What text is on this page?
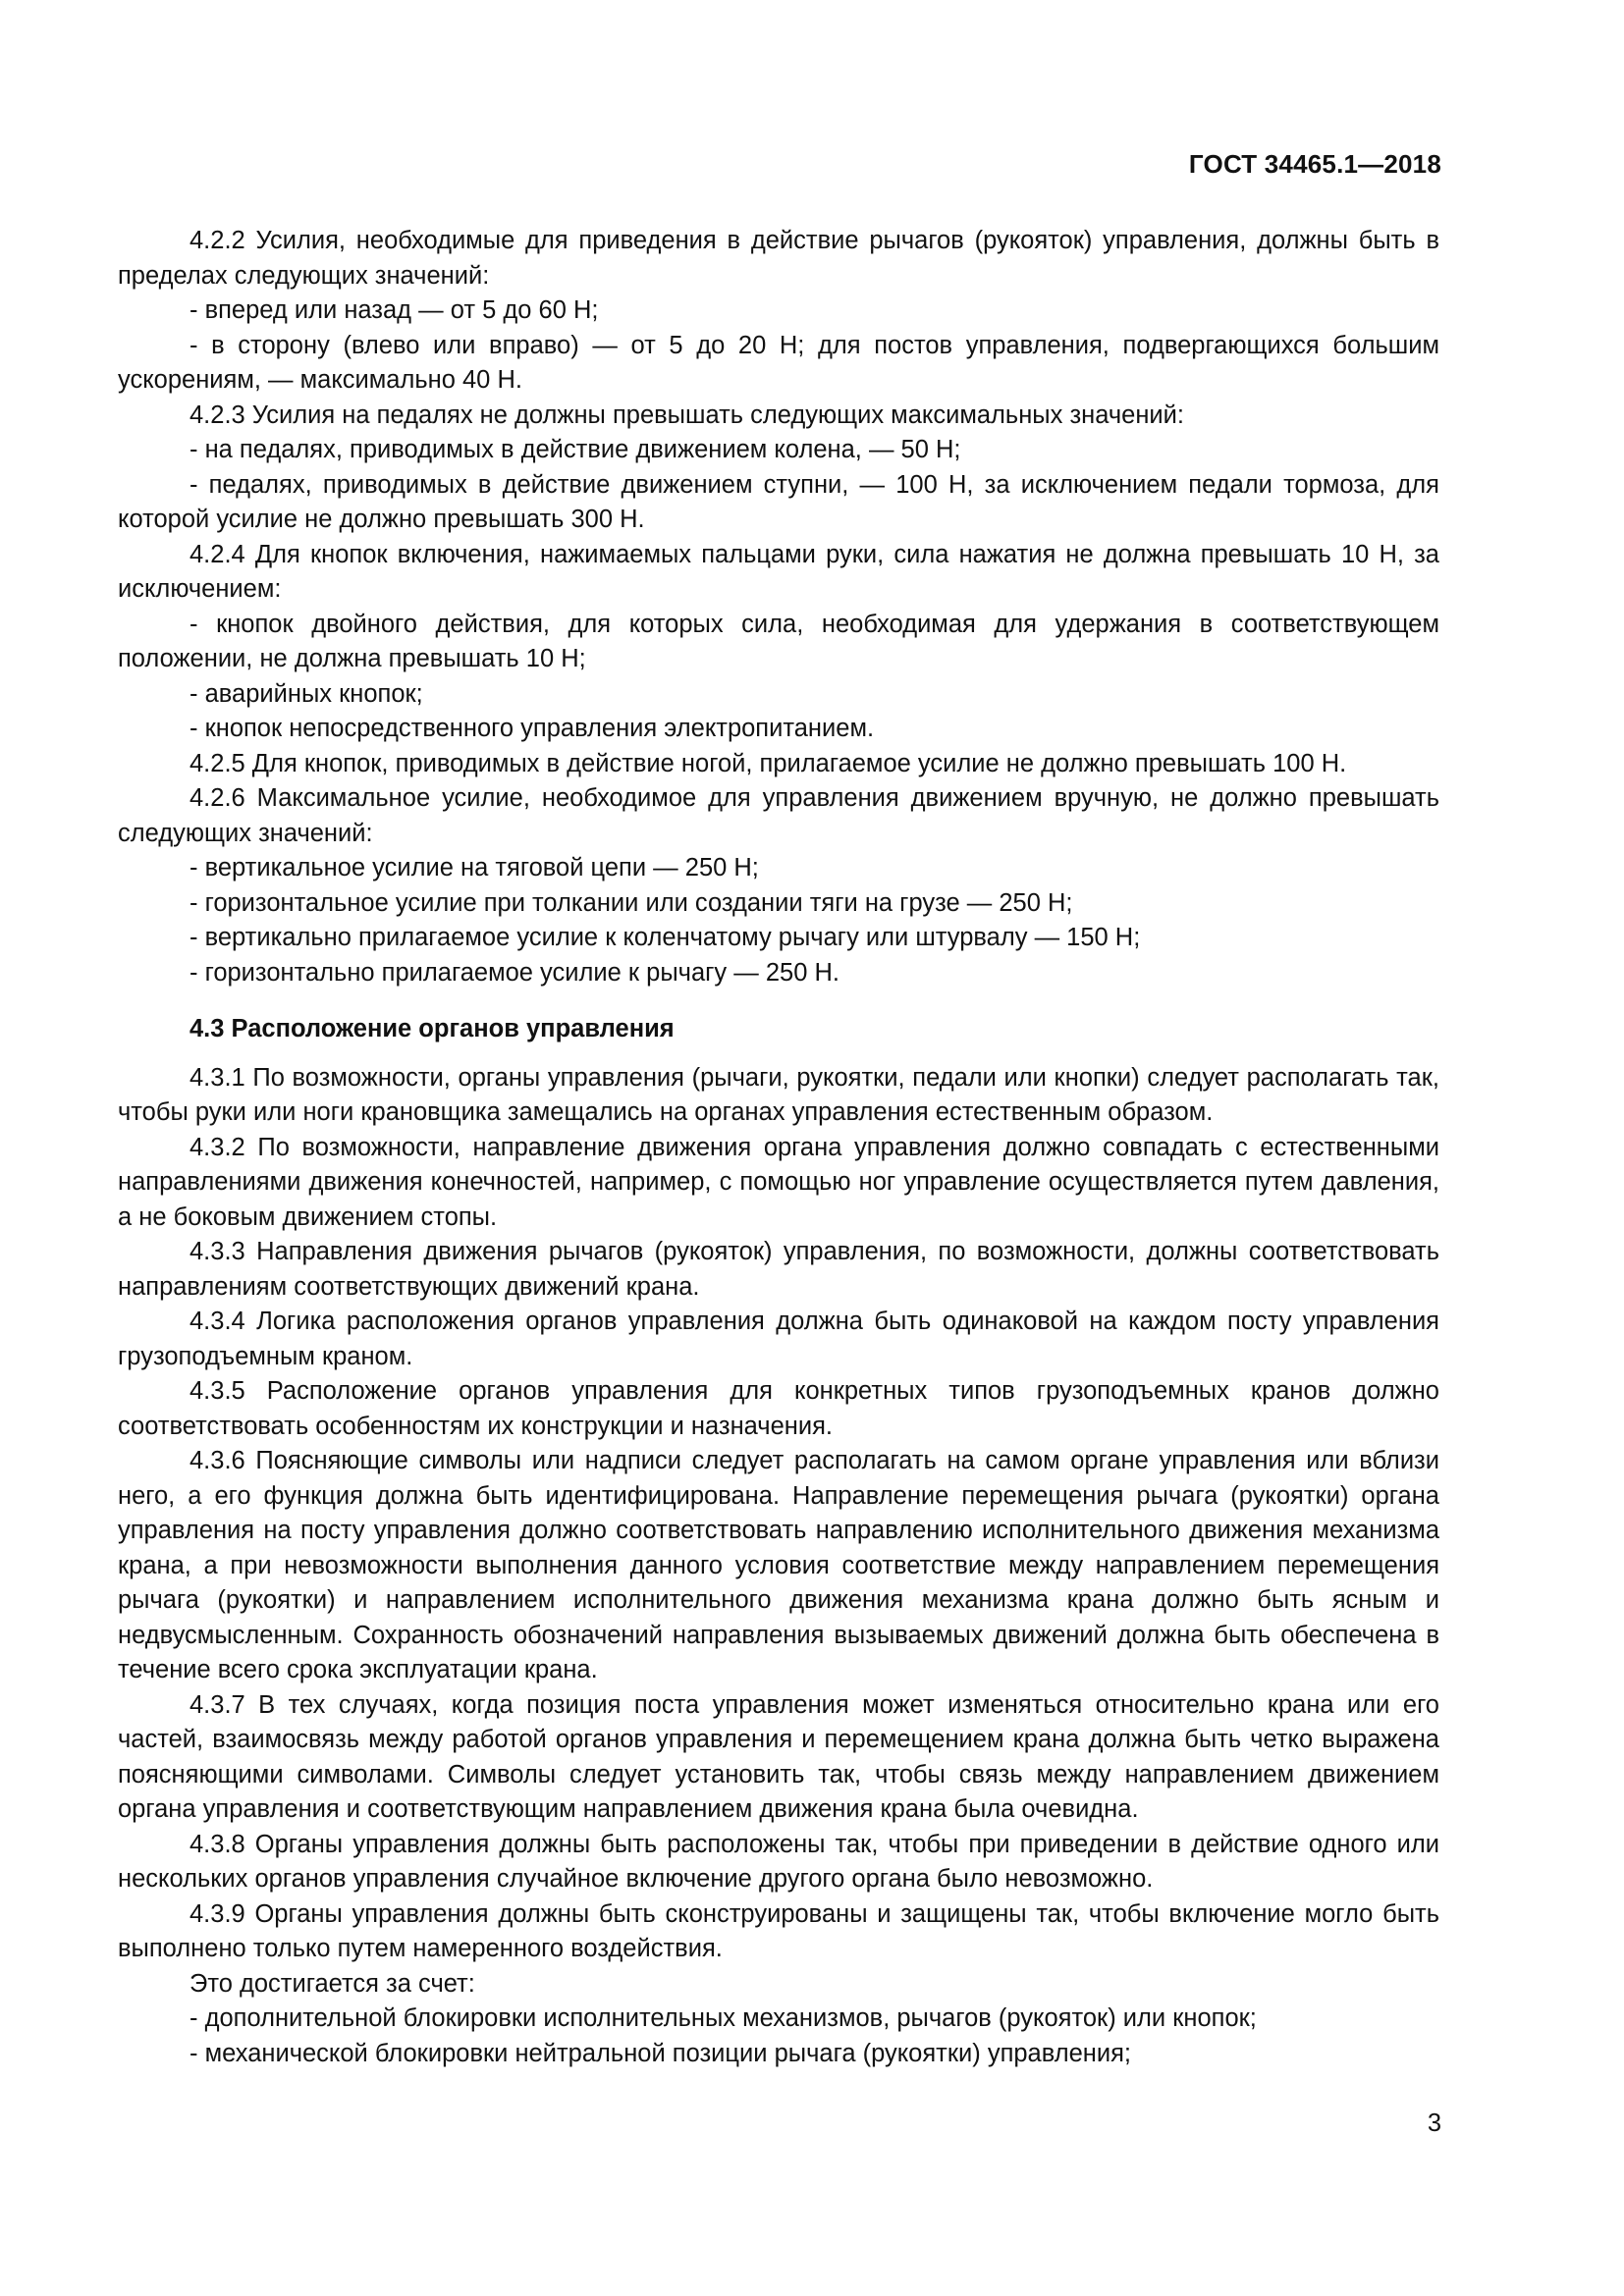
ГОСТ 34465.1—2018

4.2.2 Усилия, необходимые для приведения в действие рычагов (рукояток) управления, должны быть в пределах следующих значений:

- вперед или назад — от 5 до 60 Н;

- в сторону (влево или вправо) — от 5 до 20 Н; для постов управления, подвергающихся большим ускорениям, — максимально 40 Н.

4.2.3 Усилия на педалях не должны превышать следующих максимальных значений:

- на педалях, приводимых в действие движением колена, — 50 Н;

- педалях, приводимых в действие движением ступни, — 100 Н, за исключением педали тормоза, для которой усилие не должно превышать 300 Н.

4.2.4 Для кнопок включения, нажимаемых пальцами руки, сила нажатия не должна превышать 10 Н, за исключением:

- кнопок двойного действия, для которых сила, необходимая для удержания в соответствующем положении, не должна превышать 10 Н;

- аварийных кнопок;

- кнопок непосредственного управления электропитанием.

4.2.5 Для кнопок, приводимых в действие ногой, прилагаемое усилие не должно превышать 100 Н.

4.2.6 Максимальное усилие, необходимое для управления движением вручную, не должно превышать следующих значений:

- вертикальное усилие на тяговой цепи — 250 Н;

- горизонтальное усилие при толкании или создании тяги на грузе — 250 Н;

- вертикально прилагаемое усилие к коленчатому рычагу или штурвалу — 150 Н;

- горизонтально прилагаемое усилие к рычагу — 250 Н.

4.3 Расположение органов управления

4.3.1 По возможности, органы управления (рычаги, рукоятки, педали или кнопки) следует располагать так, чтобы руки или ноги крановщика замещались на органах управления естественным образом.

4.3.2 По возможности, направление движения органа управления должно совпадать с естественными направлениями движения конечностей, например, с помощью ног управление осуществляется путем давления, а не боковым движением стопы.

4.3.3 Направления движения рычагов (рукояток) управления, по возможности, должны соответствовать направлениям соответствующих движений крана.

4.3.4 Логика расположения органов управления должна быть одинаковой на каждом посту управления грузоподъемным краном.

4.3.5 Расположение органов управления для конкретных типов грузоподъемных кранов должно соответствовать особенностям их конструкции и назначения.

4.3.6 Поясняющие символы или надписи следует располагать на самом органе управления или вблизи него, а его функция должна быть идентифицирована. Направление перемещения рычага (рукоятки) органа управления на посту управления должно соответствовать направлению исполнительного движения механизма крана, а при невозможности выполнения данного условия соответствие между направлением перемещения рычага (рукоятки) и направлением исполнительного движения механизма крана должно быть ясным и недвусмысленным. Сохранность обозначений направления вызываемых движений должна быть обеспечена в течение всего срока эксплуатации крана.

4.3.7 В тех случаях, когда позиция поста управления может изменяться относительно крана или его частей, взаимосвязь между работой органов управления и перемещением крана должна быть четко выражена поясняющими символами. Символы следует установить так, чтобы связь между направлением движением органа управления и соответствующим направлением движения крана была очевидна.

4.3.8 Органы управления должны быть расположены так, чтобы при приведении в действие одного или нескольких органов управления случайное включение другого органа было невозможно.

4.3.9 Органы управления должны быть сконструированы и защищены так, чтобы включение могло быть выполнено только путем намеренного воздействия.

Это достигается за счет:

- дополнительной блокировки исполнительных механизмов, рычагов (рукояток) или кнопок;

- механической блокировки нейтральной позиции рычага (рукоятки) управления;

3
